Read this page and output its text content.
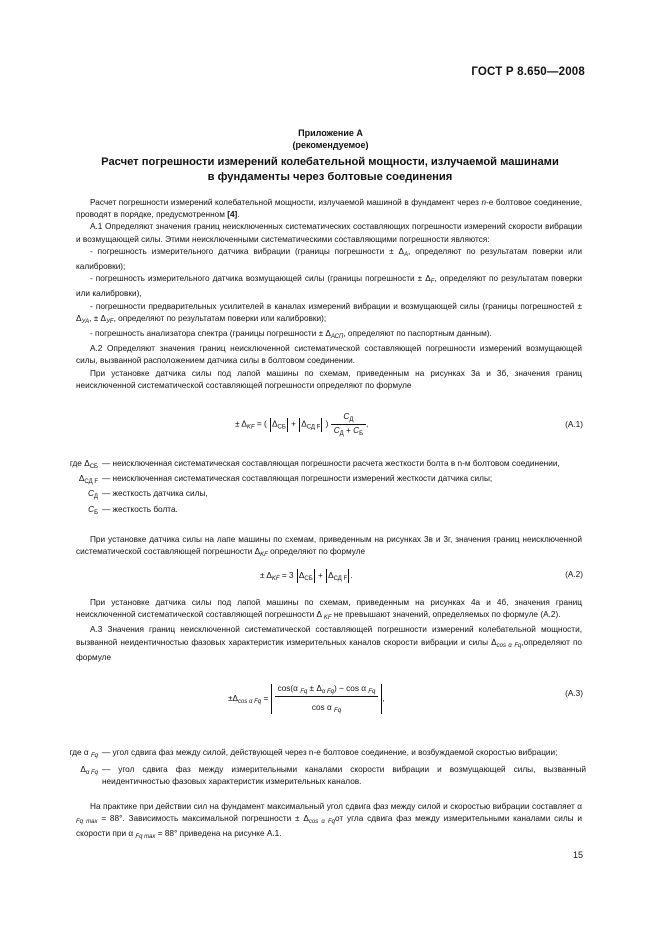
ГОСТ Р 8.650—2008
Приложение А
(рекомендуемое)
Расчет погрешности измерений колебательной мощности, излучаемой машинами
в фундаменты через болтовые соединения
Расчет погрешности измерений колебательной мощности, излучаемой машиной в фундамент через n-е болтовое соединение, проводят в порядке, предусмотренном [4].
А.1 Определяют значения границ неисключенных систематических составляющих погрешности измерений скорости вибрации и возмущающей силы. Этими неисключенными систематическими составляющими погрешности являются:
- погрешность измерительного датчика вибрации (границы погрешности ± $\Delta_A$, определяют по результатам поверки или калибровки);
- погрешность измерительного датчика возмущающей силы (границы погрешности ± $\Delta_F$, определяют по результатам поверки или калибровки),
- погрешности предварительных усилителей в каналах измерений вибрации и возмущающей силы (границы погрешностей ± $\Delta_{УА}$, ± $\Delta_{УF}$, определяют по результатам поверки или калибровки);
- погрешность анализатора спектра (границы погрешности ± $\Delta_{АСП}$, определяют по паспортным данным).
А.2 Определяют значения границ неисключенной систематической составляющей погрешности измерений возмущающей силы, вызванной расположением датчика силы в болтовом соединении.
При установке датчика силы под лапой машины по схемам, приведенным на рисунках 3а и 3б, значения границ неисключенной систематической составляющей погрешности определяют по формуле
± $\Delta_{KF}$ = ( $\Delta_{СБ} + \Delta_{СД F}$ ) $\frac{C_Д}{C_Д + C_Б}$ ,	(А.1)
где $\Delta_{СБ}$ — неисключенная систематическая составляющая погрешности расчета жесткости болта в n-м болтовом соединении,
$\Delta_{СД F}$ — неисключенная систематическая составляющая погрешности измерений жесткости датчика силы;
$C_Д$ — жесткость датчика силы,
$C_Б$ — жесткость болта.
При установке датчика силы на лапе машины по схемам, приведенным на рисунках 3в и 3г, значения границ неисключенной систематической составляющей погрешности $\Delta_{KF}$ определяют по формуле
± $\Delta_{KF} = 3$ $\Delta_{СБ} + \Delta_{СД F}$ .	(А.2)
При установке датчика силы под лапой машины по схемам, приведенным на рисунках 4а и 4б, значения границ неисключенной систематической составляющей погрешности Δ $_{KF}$ не превышают значений, определяемых по формуле (А.2).
А.3 Значения границ неисключенной систематической составляющей погрешности измерений колебательной мощности, вызванной неидентичностью фазовых характеристик измерительных каналов скорости вибрации и силы $\Delta_{cos \alpha Fq},определяют$ по формуле
$\pm\Delta_{cos \alpha Fq} = \frac{\cos(\alpha _{Fq} \pm \Delta_{\alpha Fq}) - \cos \alpha _{Fq}}{\cos \alpha _{Fq}}$ ,
(А.3)
где α $_{Fq}$ — угол сдвига фаз между силой, действующей через n-е болтовое соединение, и возбуждаемой скоростью вибрации;
$\Delta_{\alpha Fq}$ — угол сдвига фаз между измерительными каналами скорости вибрации и возмущающей силы, вызванный неидентичностью фазовых характеристик измерительных каналов.
На практике при действии сил на фундамент максимальный угол сдвига фаз между силой и скоростью вибрации составляет α $_{Fq max}$ = 88°. Зависимость максимальной погрешности ± $\Delta_{cos \alpha Fq}от$ угла сдвига фаз между измерительными каналами силы и скорости при α $_{Fq max}$ = 88° приведена на рисунке А.1.
15
